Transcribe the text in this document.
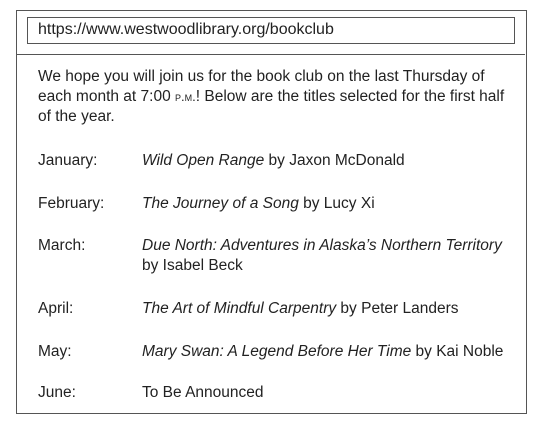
https://www.westwoodlibrary.org/bookclub
We hope you will join us for the book club on the last Thursday of each month at 7:00 p.m.! Below are the titles selected for the first half of the year.
January:	Wild Open Range by Jaxon McDonald
February:	The Journey of a Song by Lucy Xi
March:	Due North: Adventures in Alaska’s Northern Territory by Isabel Beck
April:	The Art of Mindful Carpentry by Peter Landers
May:	Mary Swan: A Legend Before Her Time by Kai Noble
June:	To Be Announced
